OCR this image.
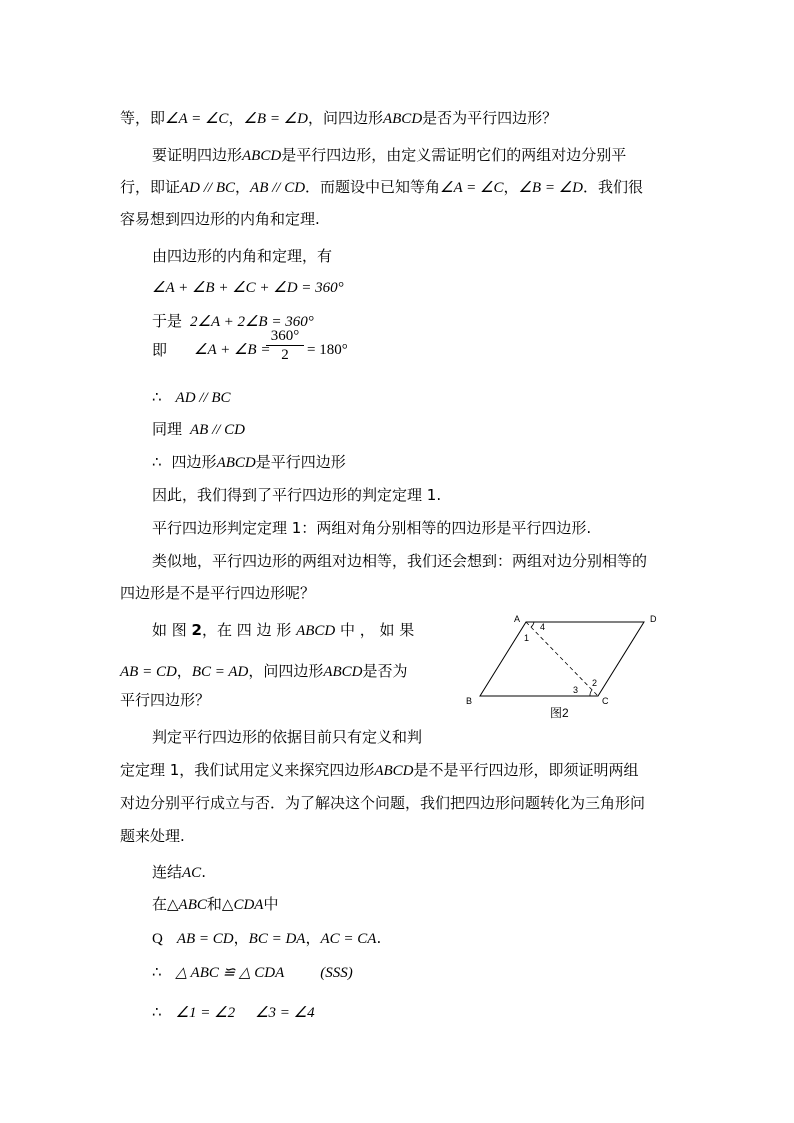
等，即∠A = ∠C，∠B = ∠D，问四边形ABCD是否为平行四边形？
要证明四边形ABCD是平行四边形，由定义需证明它们的两组对边分别平
行，即证AD // BC，AB // CD．而题设中已知等角∠A = ∠C，∠B = ∠D．我们很
容易想到四边形的内角和定理.
由四边形的内角和定理，有
∠A + ∠B + ∠C + ∠D = 360°
于是 2∠A + 2∠B = 360°
即 ∠A + ∠B =
360°
2	= 180°
∴ AD // BC
同理 AB // CD
∴ 四边形ABCD是平行四边形
因此，我们得到了平行四边形的判定定理 1.
平行四边形判定定理 1：两组对角分别相等的四边形是平行四边形.
类似地，平行四边形的两组对边相等，我们还会想到：两组对边分别相等的
四边形是不是平行四边形呢？
如 图 2，在 四 边 形 ABCD 中 ， 如 果
AB = CD，BC = AD，问四边形ABCD是否为
平行四边形？
判定平行四边形的依据目前只有定义和判
定定理 1，我们试用定义来探究四边形ABCD是不是平行四边形，即须证明两组
对边分别平行成立与否．为了解决这个问题，我们把四边形问题转化为三角形问
题来处理.
连结AC.
在△ABC和△CDA中
Q AB = CD，BC = DA，AC = CA.
∴ △ ABC ≌ △ CDA (SSS)
∴ ∠1 = ∠2 ∠3 = ∠4
A	D
B	C
4
1
2
3
图2
